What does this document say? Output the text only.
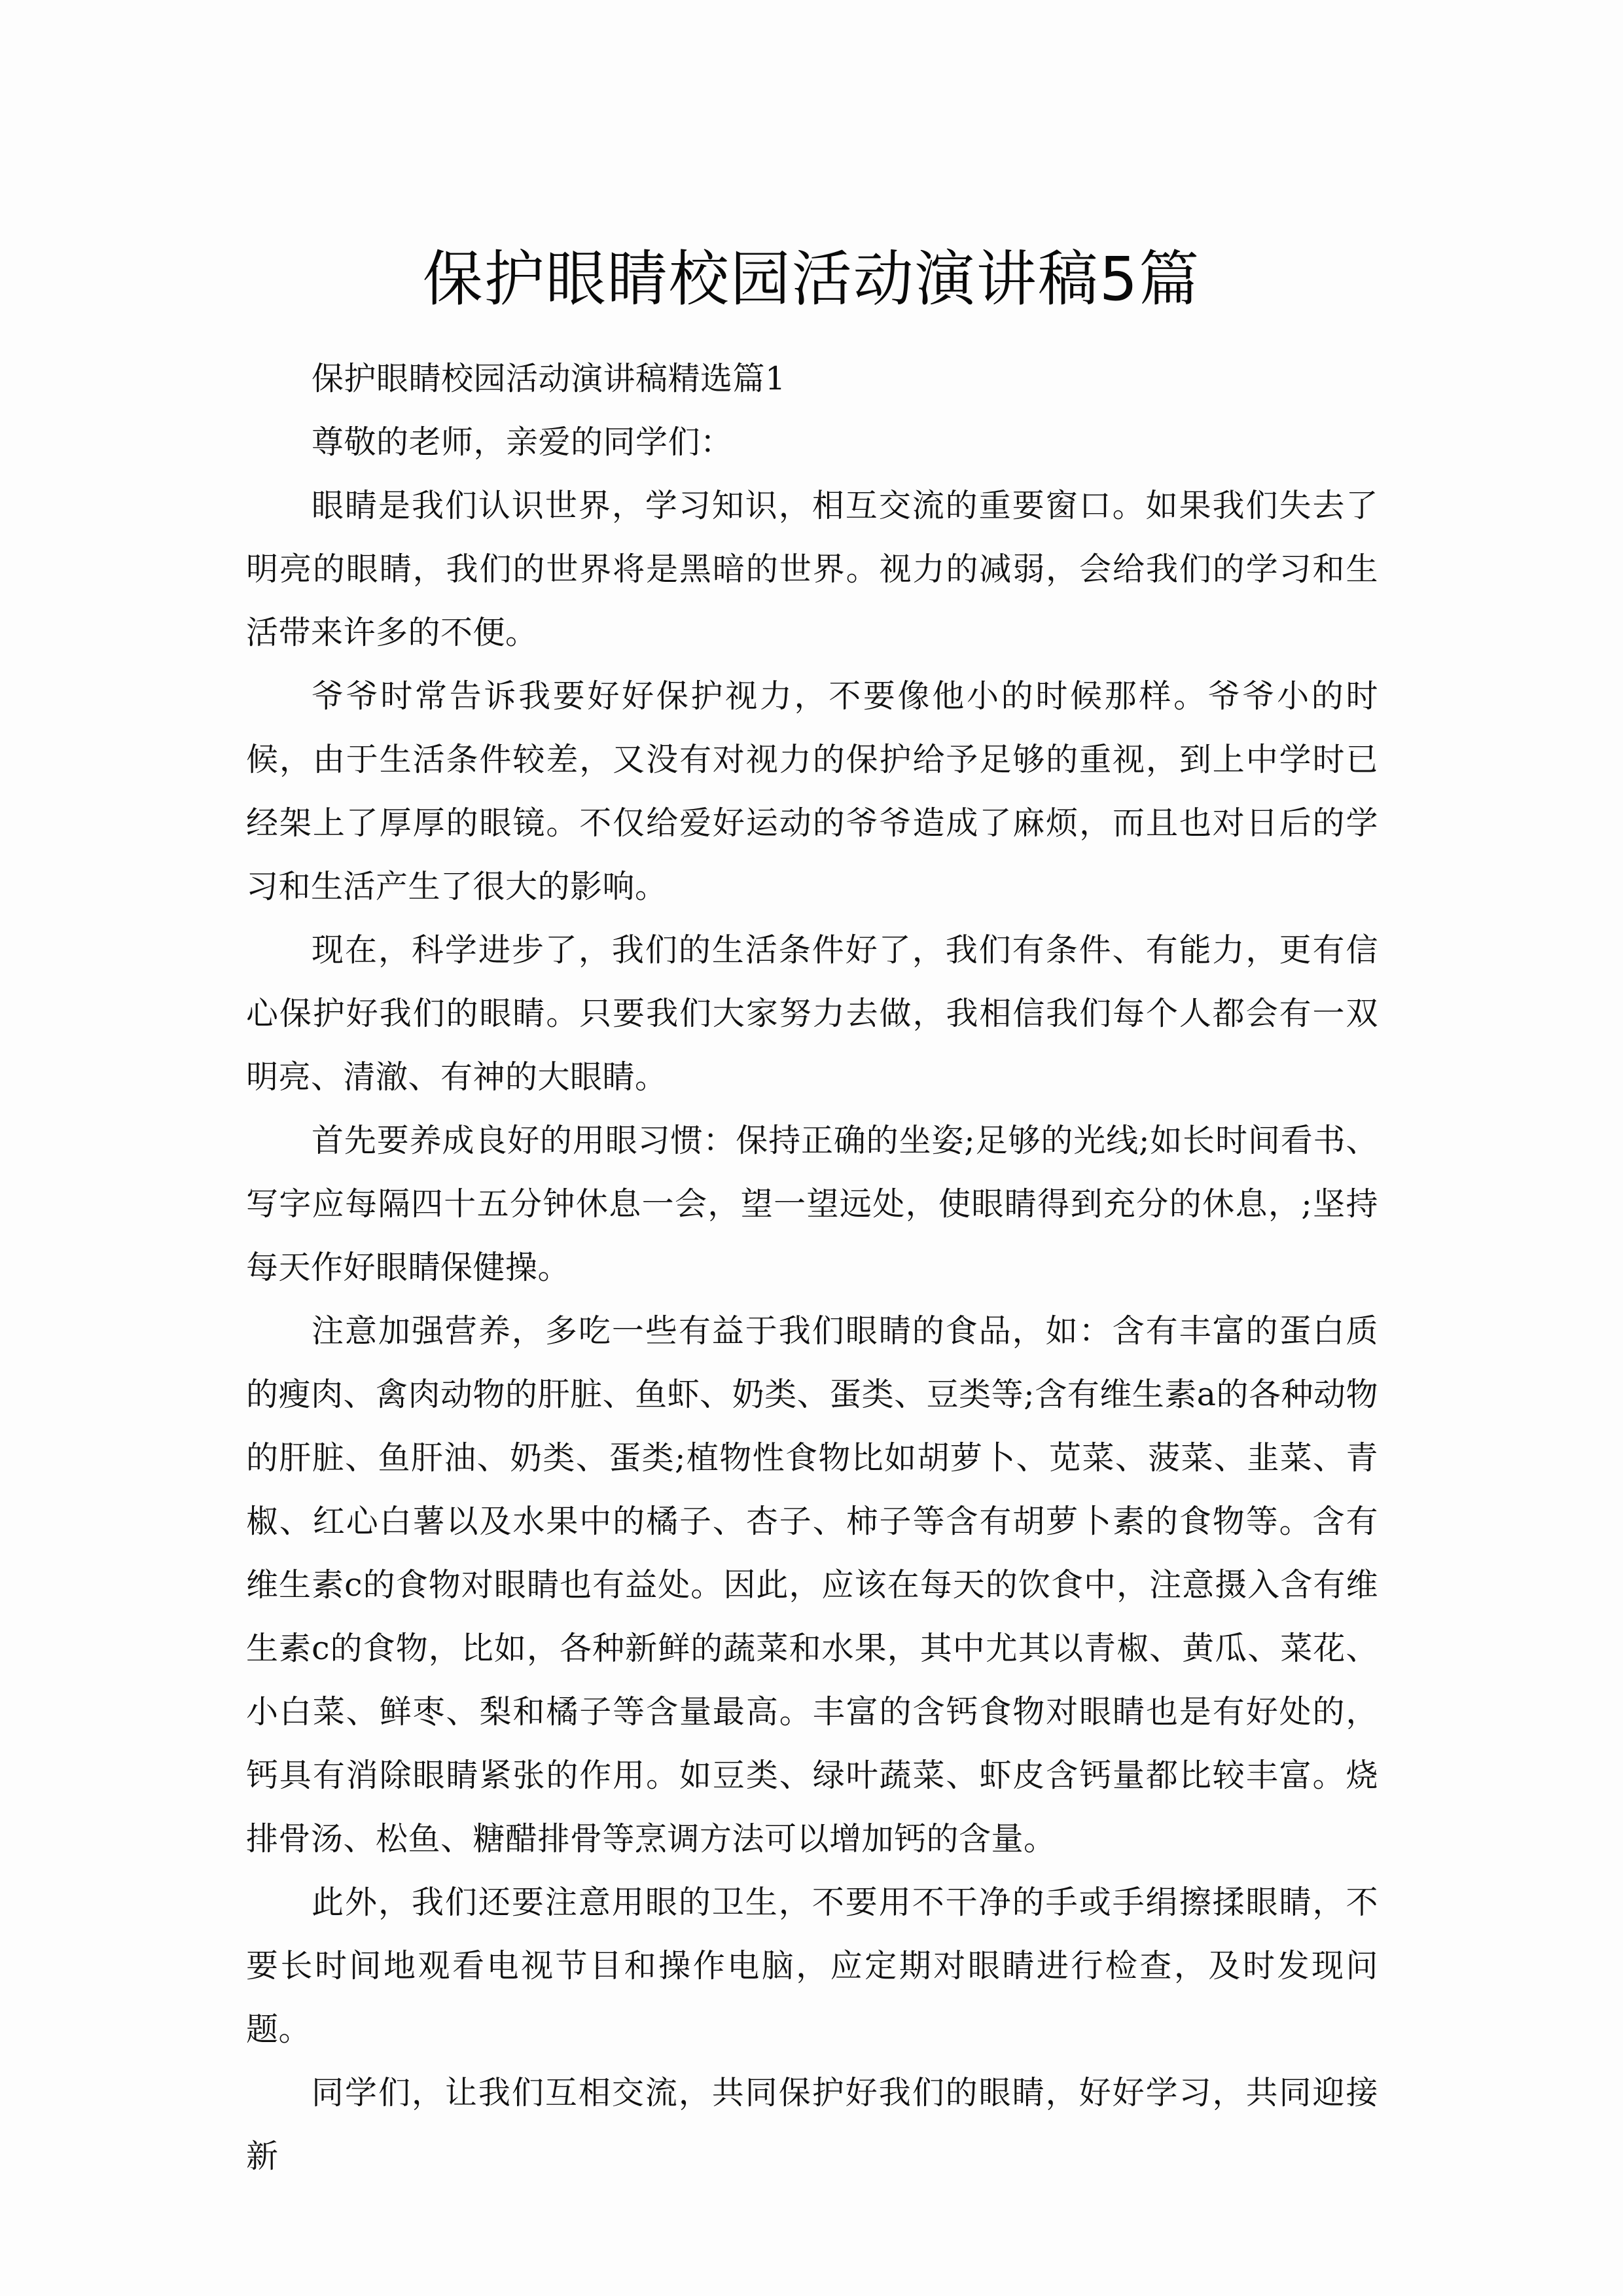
保护眼睛校园活动演讲稿5篇

保护眼睛校园活动演讲稿精选篇1

尊敬的老师，亲爱的同学们：

眼睛是我们认识世界，学习知识，相互交流的重要窗口。如果我们失去了明亮的眼睛，我们的世界将是黑暗的世界。视力的减弱，会给我们的学习和生活带来许多的不便。

爷爷时常告诉我要好好保护视力，不要像他小的时候那样。爷爷小的时候，由于生活条件较差，又没有对视力的保护给予足够的重视，到上中学时已经架上了厚厚的眼镜。不仅给爱好运动的爷爷造成了麻烦，而且也对日后的学习和生活产生了很大的影响。

现在，科学进步了，我们的生活条件好了，我们有条件、有能力，更有信心保护好我们的眼睛。只要我们大家努力去做，我相信我们每个人都会有一双明亮、清澈、有神的大眼睛。

首先要养成良好的用眼习惯：保持正确的坐姿;足够的光线;如长时间看书、写字应每隔四十五分钟休息一会，望一望远处，使眼睛得到充分的休息，;坚持每天作好眼睛保健操。

注意加强营养，多吃一些有益于我们眼睛的食品，如：含有丰富的蛋白质的瘦肉、禽肉动物的肝脏、鱼虾、奶类、蛋类、豆类等;含有维生素a的各种动物的肝脏、鱼肝油、奶类、蛋类;植物性食物比如胡萝卜、苋菜、菠菜、韭菜、青椒、红心白薯以及水果中的橘子、杏子、柿子等含有胡萝卜素的食物等。含有维生素c的食物对眼睛也有益处。因此，应该在每天的饮食中，注意摄入含有维生素c的食物，比如，各种新鲜的蔬菜和水果，其中尤其以青椒、黄瓜、菜花、小白菜、鲜枣、梨和橘子等含量最高。丰富的含钙食物对眼睛也是有好处的，钙具有消除眼睛紧张的作用。如豆类、绿叶蔬菜、虾皮含钙量都比较丰富。烧排骨汤、松鱼、糖醋排骨等烹调方法可以增加钙的含量。

此外，我们还要注意用眼的卫生，不要用不干净的手或手绢擦揉眼睛，不要长时间地观看电视节目和操作电脑，应定期对眼睛进行检查，及时发现问题。

同学们，让我们互相交流，共同保护好我们的眼睛，好好学习，共同迎接新
